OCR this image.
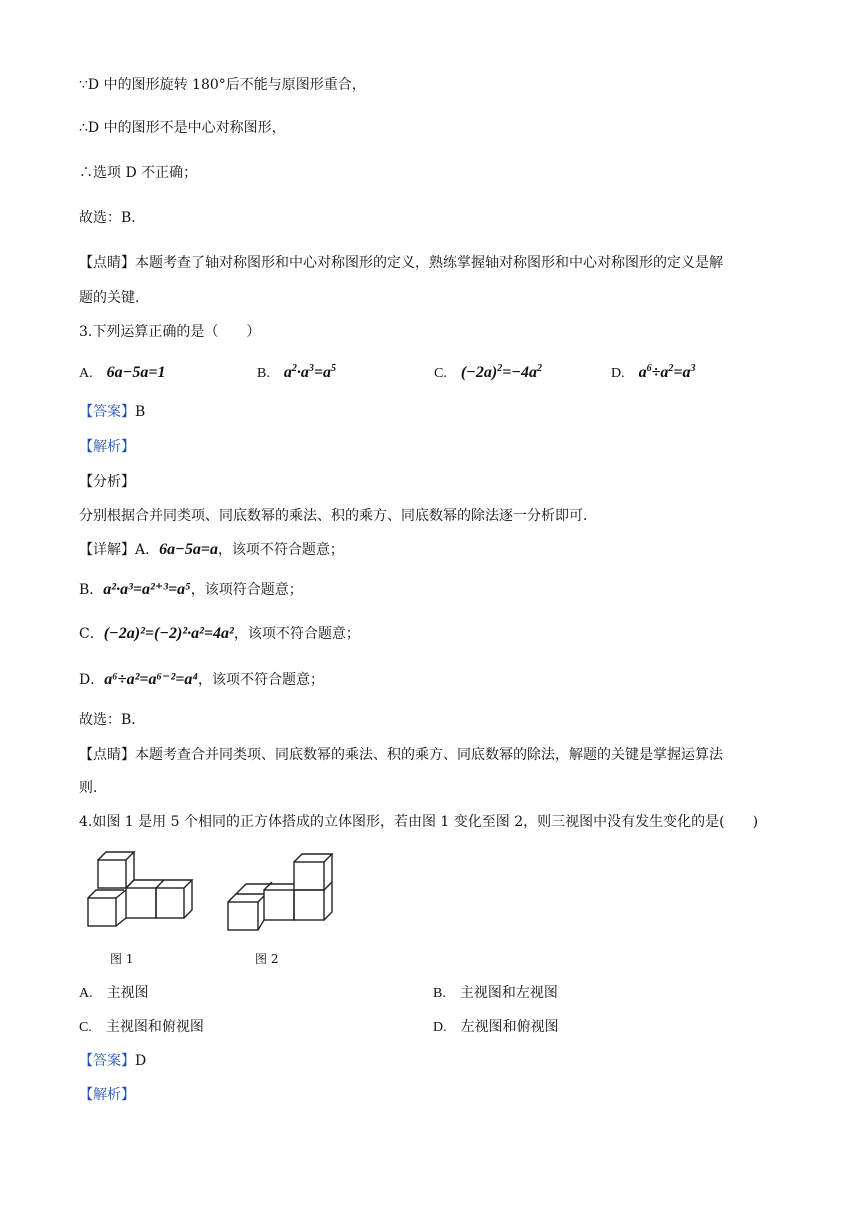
∵D 中的图形旋转 180°后不能与原图形重合，
∴D 中的图形不是中心对称图形，
∴选项 D 不正确；
故选：B．
【点睛】本题考查了轴对称图形和中心对称图形的定义，熟练掌握轴对称图形和中心对称图形的定义是解
题的关键．
3.下列运算正确的是（　　）
A. 6a−5a=1	B. $a^2\cdot a^3=a^5$	C. $(-2a)^2=-4a^2$	D. $a^6\div a^2=a^3$
【答案】B
【解析】
【分析】
分别根据合并同类项、同底数幂的乘法、积的乘方、同底数幂的除法逐一分析即可．
【详解】A．6a−5a=a，该项不符合题意；
B．a²·a³=a²⁺³=a⁵，该项符合题意；
C．(−2a)²=(−2)²·a²=4a²，该项不符合题意；
D．a⁶÷a²=a⁶⁻²=a⁴，该项不符合题意；
故选：B．
【点睛】本题考查合并同类项、同底数幂的乘法、积的乘方、同底数幂的除法，解题的关键是掌握运算法
则．
4.如图 1 是用 5 个相同的正方体搭成的立体图形，若由图 1 变化至图 2，则三视图中没有发生变化的是(　　)
图 1	图 2
A. 主视图	B. 主视图和左视图
C. 主视图和俯视图	D. 左视图和俯视图
【答案】D
【解析】
